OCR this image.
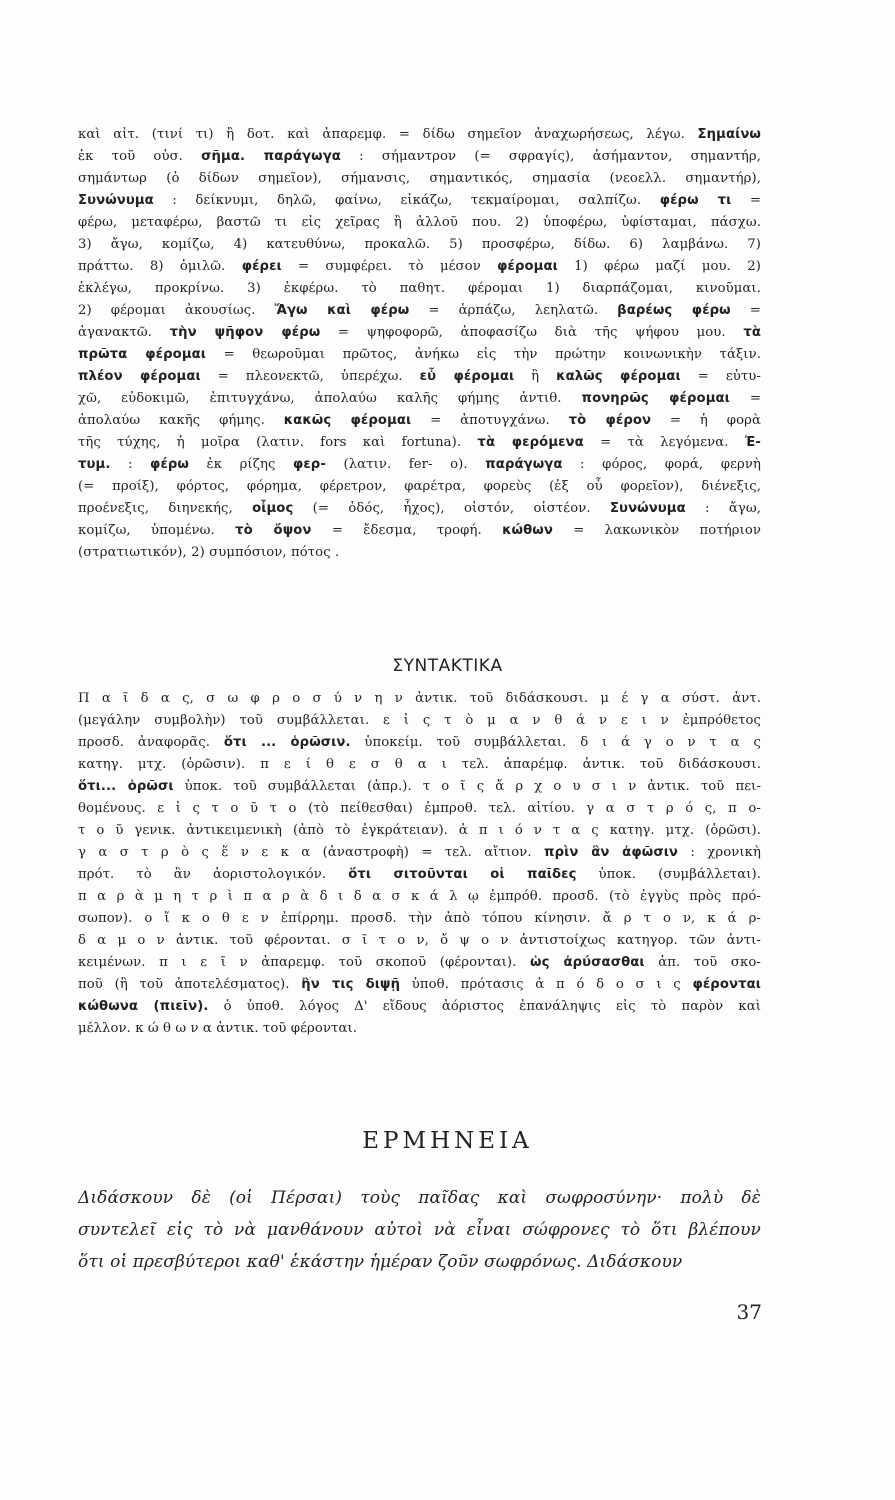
καὶ αἰτ. (τινί τι) ἢ δοτ. καὶ ἀπαρεμφ. = δίδω σημεῖον ἀναχωρήσεως, λέγω. Σημαίνω
ἐκ τοῦ οὐσ. σῆμα. παράγωγα : σήμαντρον (= σφραγίς), ἀσήμαντον, σημαντήρ,
σημάντωρ (ὁ δίδων σημεῖον), σήμανσις, σημαντικός, σημασία (νεοελλ. σημαντήρ),
Συνώνυμα : δείκνυμι, δηλῶ, φαίνω, εἰκάζω, τεκμαίρομαι, σαλπίζω. φέρω τι =
φέρω, μεταφέρω, βαστῶ τι εἰς χεῖρας ἢ ἀλλοῦ που. 2) ὑποφέρω, ὑφίσταμαι, πάσχω.
3) ἄγω, κομίζω, 4) κατευθύνω, προκαλῶ. 5) προσφέρω, δίδω. 6) λαμβάνω. 7)
πράττω. 8) ὁμιλῶ. φέρει = συμφέρει. τὸ μέσον φέρομαι 1) φέρω μαζί μου. 2)
ἐκλέγω, προκρίνω. 3) ἐκφέρω. τὸ παθητ. φέρομαι 1) διαρπάζομαι, κινοῦμαι.
2) φέρομαι ἀκουσίως. Ἄγω καὶ φέρω = ἁρπάζω, λεηλατῶ. βαρέως φέρω =
ἀγανακτῶ. τὴν ψῆφον φέρω = ψηφοφορῶ, ἀποφασίζω διὰ τῆς ψήφου μου. τὰ
πρῶτα φέρομαι = θεωροῦμαι πρῶτος, ἀνήκω εἰς τὴν πρώτην κοινωνικὴν τάξιν.
πλέον φέρομαι = πλεονεκτῶ, ὑπερέχω. εὖ φέρομαι ἢ καλῶς φέρομαι = εὐτυ-
χῶ, εὐδοκιμῶ, ἐπιτυγχάνω, ἀπολαύω καλῆς φήμης ἀντιθ. πονηρῶς φέρομαι =
ἀπολαύω κακῆς φήμης. κακῶς φέρομαι = ἀποτυγχάνω. τὸ φέρον = ἡ φορὰ
τῆς τύχης, ἡ μοῖρα (λατιν. fors καὶ fortuna). τὰ φερόμενα = τὰ λεγόμενα. Ἐ-
τυμ. : φέρω ἐκ ρίζης φερ- (λατιν. fer- o). παράγωγα : φόρος, φορά, φερνὴ
(= προίξ), φόρτος, φόρημα, φέρετρον, φαρέτρα, φορεὺς (ἐξ οὗ φορεῖον), διένεξις,
προένεξις, διηνεκής, οἶμος (= ὁδός, ἦχος), οἰστόν, οἰστέον. Συνώνυμα : ἄγω,
κομίζω, ὑπομένω. τὸ ὄψον = ἔδεσμα, τροφή. κώθων = λακωνικὸν ποτήριον
(στρατιωτικόν), 2) συμπόσιον, πότος .
ΣΥΝΤΑΚΤΙΚΑ
Π α ῖ δ α ς, σ ω φ ρ ο σ ύ ν η ν ἀντικ. τοῦ διδάσκουσι. μ έ γ α σύστ. ἀντ.
(μεγάλην συμβολὴν) τοῦ συμβάλλεται. ε ἰ ς τ ὸ μ α ν θ ά ν ε ι ν ἐμπρόθετος
προσδ. ἀναφορᾶς. ὅτι ... ὁρῶσιν. ὑποκείμ. τοῦ συμβάλλεται. δ ι ά γ ο ν τ α ς
κατηγ. μτχ. (ὁρῶσιν). π ε ί θ ε σ θ α ι τελ. ἀπαρέμφ. ἀντικ. τοῦ διδάσκουσι.
ὅτι... ὁρῶσι ὑποκ. τοῦ συμβάλλεται (ἀπρ.). τ ο ῖ ς ἄ ρ χ ο υ σ ι ν ἀντικ. τοῦ πει-
θομένους. ε ἰ ς τ ο ῦ τ ο (τὸ πείθεσθαι) ἐμπροθ. τελ. αἰτίου. γ α σ τ ρ ό ς, π ο-
τ ο ῦ γενικ. ἀντικειμενικὴ (ἀπὸ τὸ ἐγκράτειαν). ἀ π ι ό ν τ α ς κατηγ. μτχ. (ὁρῶσι).
γ α σ τ ρ ὸ ς ἕ ν ε κ α (ἀναστροφὴ) = τελ. αἴτιον. πρὶν ἂν ἀφῶσιν : χρονικὴ
πρότ. τὸ ἂν ἀοριστολογικόν. ὅτι σιτοῦνται οἱ παῖδες ὑποκ. (συμβάλλεται).
π α ρ ὰ μ η τ ρ ὶ π α ρ ὰ δ ι δ α σ κ ά λ ῳ ἐμπρόθ. προσδ. (τὸ ἐγγὺς πρὸς πρό-
σωπον). ο ἴ κ ο θ ε ν ἐπίρρημ. προσδ. τὴν ἀπὸ τόπου κίνησιν. ἄ ρ τ ο ν, κ ά ρ-
δ α μ ο ν ἀντικ. τοῦ φέρονται. σ ῖ τ ο ν, ὄ ψ ο ν ἀντιστοίχως κατηγορ. τῶν ἀντι-
κειμένων. π ι ε ῖ ν ἀπαρεμφ. τοῦ σκοποῦ (φέρονται). ὡς ἀρύσασθαι ἀπ. τοῦ σκο-
ποῦ (ἢ τοῦ ἀποτελέσματος). ἢν τις διψῇ ὑποθ. πρότασις ἀ π ό δ ο σ ι ς φέρονται
κώθωνα (πιεῖν). ὁ ὑποθ. λόγος Δ' εἴδους ἀόριστος ἐπανάληψις εἰς τὸ παρὸν καὶ
μέλλον. κ ώ θ ω ν α ἀντικ. τοῦ φέρονται.
ΕΡΜΗΝΕΙΑ
Διδάσκουν δὲ (οἱ Πέρσαι) τοὺς παῖδας καὶ σωφροσύνην· πολὺ δὲ
συντελεῖ εἰς τὸ νὰ μανθάνουν αὐτοὶ νὰ εἶναι σώφρονες τὸ ὅτι βλέπουν
ὅτι οἱ πρεσβύτεροι καθ' ἑκάστην ἡμέραν ζοῦν σωφρόνως. Διδάσκουν
37
